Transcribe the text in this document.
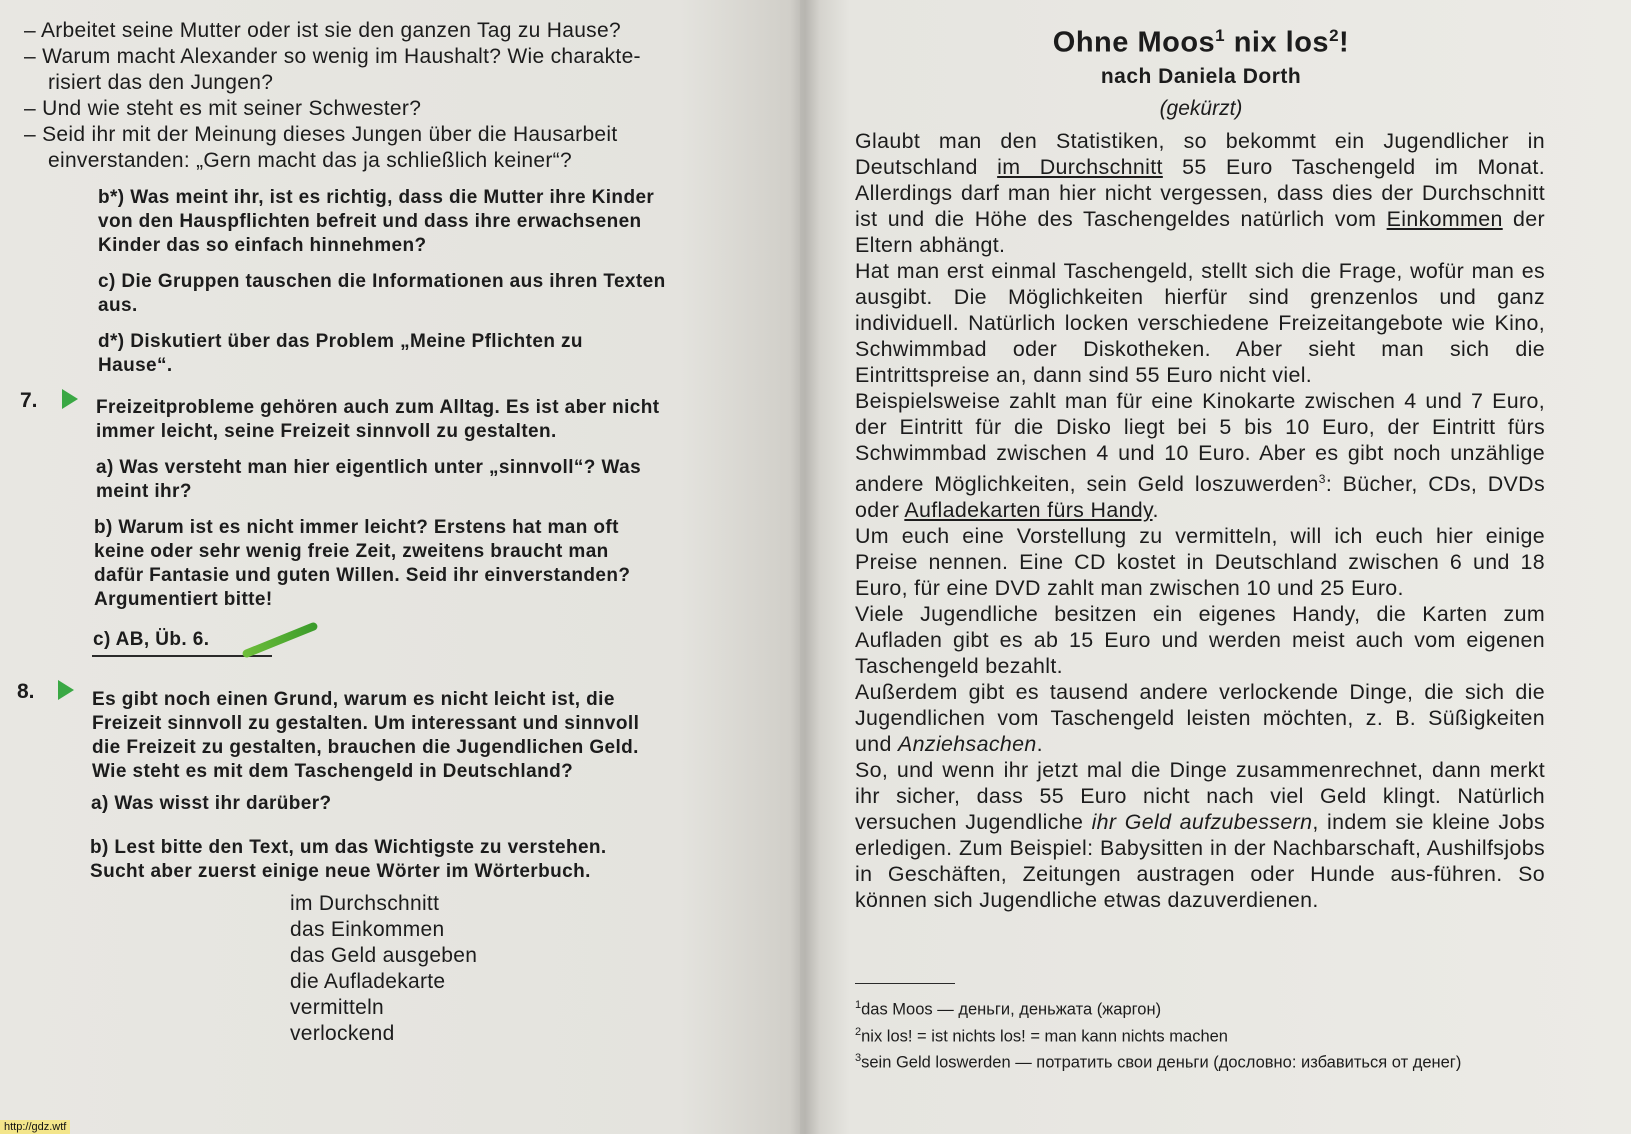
– Arbeitet seine Mutter oder ist sie den ganzen Tag zu Hause?
– Warum macht Alexander so wenig im Haushalt? Wie charakte-
risiert das den Jungen?
– Und wie steht es mit seiner Schwester?
– Seid ihr mit der Meinung dieses Jungen über die Hausarbeit
einverstanden: „Gern macht das ja schließlich keiner“?
b*) Was meint ihr, ist es richtig, dass die Mutter ihre Kinder
von den Hauspflichten befreit und dass ihre erwachsenen
Kinder das so einfach hinnehmen?
c) Die Gruppen tauschen die Informationen aus ihren Texten
aus.
d*) Diskutiert über das Problem „Meine Pflichten zu
Hause“.
7.	Freizeitprobleme gehören auch zum Alltag. Es ist aber nicht
immer leicht, seine Freizeit sinnvoll zu gestalten.
a) Was versteht man hier eigentlich unter „sinnvoll“? Was
meint ihr?
b) Warum ist es nicht immer leicht? Erstens hat man oft
keine oder sehr wenig freie Zeit, zweitens braucht man
dafür Fantasie und guten Willen. Seid ihr einverstanden?
Argumentiert bitte!
c) AB, Üb. 6.
8.	Es gibt noch einen Grund, warum es nicht leicht ist, die
Freizeit sinnvoll zu gestalten. Um interessant und sinnvoll
die Freizeit zu gestalten, brauchen die Jugendlichen Geld.
Wie steht es mit dem Taschengeld in Deutschland?
a) Was wisst ihr darüber?
b) Lest bitte den Text, um das Wichtigste zu verstehen.
Sucht aber zuerst einige neue Wörter im Wörterbuch.
im Durchschnitt
das Einkommen
das Geld ausgeben
die Aufladekarte
vermitteln
verlockend
Ohne Moos$^1$ nix los$^2$!
nach Daniela Dorth
(gekürzt)

Glaubt man den Statistiken, so bekommt ein Jugendlicher in Deutschland im Durchschnitt 55 Euro Taschengeld im Monat. Allerdings darf man hier nicht vergessen, dass dies der Durchschnitt ist und die Höhe des Taschengeldes natürlich vom Einkommen der Eltern abhängt.

Hat man erst einmal Taschengeld, stellt sich die Frage, wofür man es ausgibt. Die Möglichkeiten hierfür sind grenzenlos und ganz individuell. Natürlich locken verschiedene Freizeitangebote wie Kino, Schwimmbad oder Diskotheken. Aber sieht man sich die Eintrittspreise an, dann sind 55 Euro nicht viel.

Beispielsweise zahlt man für eine Kinokarte zwischen 4 und 7 Euro, der Eintritt für die Disko liegt bei 5 bis 10 Euro, der Eintritt fürs Schwimmbad zwischen 4 und 10 Euro. Aber es gibt noch unzählige andere Möglichkeiten, sein Geld loszuwerden$^3$: Bücher, CDs, DVDs oder Aufladekarten fürs Handy.

Um euch eine Vorstellung zu vermitteln, will ich euch hier einige Preise nennen. Eine CD kostet in Deutschland zwischen 6 und 18 Euro, für eine DVD zahlt man zwischen 10 und 25 Euro.

Viele Jugendliche besitzen ein eigenes Handy, die Karten zum Aufladen gibt es ab 15 Euro und werden meist auch vom eigenen Taschengeld bezahlt.

Außerdem gibt es tausend andere verlockende Dinge, die sich die Jugendlichen vom Taschengeld leisten möchten, z. B. Süßigkeiten und Anziehsachen.

So, und wenn ihr jetzt mal die Dinge zusammenrechnet, dann merkt ihr sicher, dass 55 Euro nicht nach viel Geld klingt. Natürlich versuchen Jugendliche ihr Geld aufzubessern, indem sie kleine Jobs erledigen. Zum Beispiel: Babysitten in der Nachbarschaft, Aushilfsjobs in Geschäften, Zeitungen austragen oder Hunde aus-führen. So können sich Jugendliche etwas dazuverdienen.

$^1$das Moos — деньги, деньжата (жаргон)
$^2$nix los! = ist nichts los! = man kann nichts machen
$^3$sein Geld loswerden — потратить свои деньги (дословно: избавиться от денег)
http://gdz.wtf
